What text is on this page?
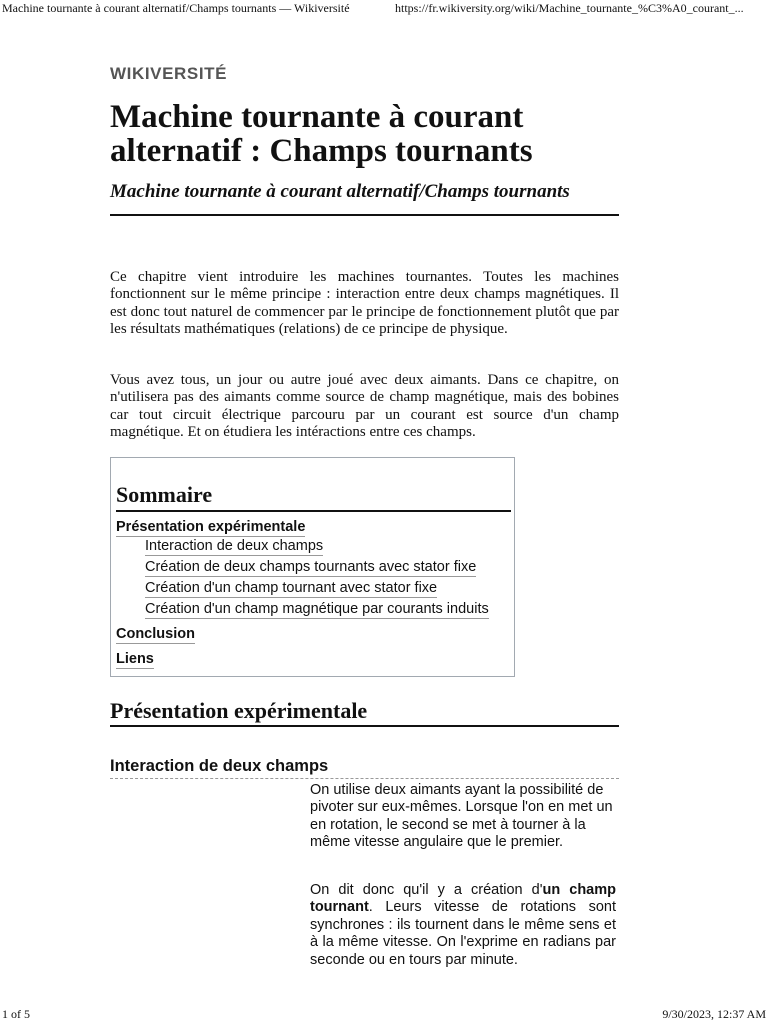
Machine tournante à courant alternatif/Champs tournants — Wikiversité	https://fr.wikiversity.org/wiki/Machine_tournante_%C3%A0_courant_...
WIKIVERSITÉ
Machine tournante à courant alternatif : Champs tournants
Machine tournante à courant alternatif/Champs tournants

Ce chapitre vient introduire les machines tournantes. Toutes les machines fonctionnent sur le même principe : interaction entre deux champs magnétiques. Il est donc tout naturel de commencer par le principe de fonctionnement plutôt que par les résultats mathématiques (relations) de ce principe de physique.

Vous avez tous, un jour ou autre joué avec deux aimants. Dans ce chapitre, on n'utilisera pas des aimants comme source de champ magnétique, mais des bobines car tout circuit électrique parcouru par un courant est source d'un champ magnétique. Et on étudiera les intéractions entre ces champs.

Sommaire
Présentation expérimentale
Interaction de deux champs
Création de deux champs tournants avec stator fixe
Création d'un champ tournant avec stator fixe
Création d'un champ magnétique par courants induits
Conclusion
Liens
Présentation expérimentale
Interaction de deux champs

On utilise deux aimants ayant la possibilité de pivoter sur eux-mêmes. Lorsque l'on en met un en rotation, le second se met à tourner à la même vitesse angulaire que le premier.

On dit donc qu'il y a création d'un champ tournant. Leurs vitesse de rotations sont synchrones : ils tournent dans le même sens et à la même vitesse. On l'exprime en radians par seconde ou en tours par minute.

1 of 5	9/30/2023, 12:37 AM
